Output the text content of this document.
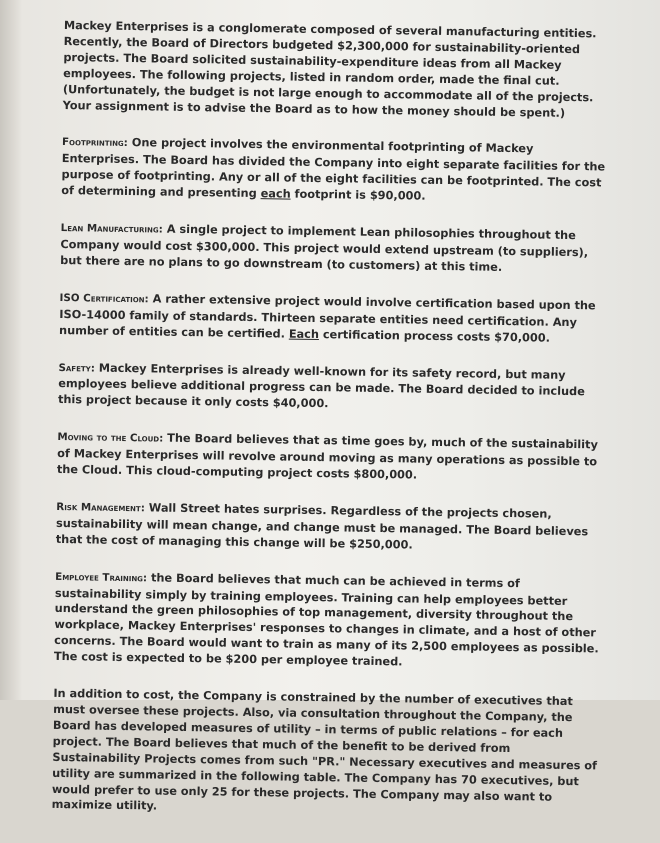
Mackey Enterprises is a conglomerate composed of several manufacturing entities. Recently, the Board of Directors budgeted $2,300,000 for sustainability-oriented projects. The Board solicited sustainability-expenditure ideas from all Mackey employees. The following projects, listed in random order, made the final cut. (Unfortunately, the budget is not large enough to accommodate all of the projects. Your assignment is to advise the Board as to how the money should be spent.)

Footprinting: One project involves the environmental footprinting of Mackey Enterprises. The Board has divided the Company into eight separate facilities for the purpose of footprinting. Any or all of the eight facilities can be footprinted. The cost of determining and presenting each footprint is $90,000.

Lean Manufacturing: A single project to implement Lean philosophies throughout the Company would cost $300,000. This project would extend upstream (to suppliers), but there are no plans to go downstream (to customers) at this time.

ISO Certification: A rather extensive project would involve certification based upon the ISO-14000 family of standards. Thirteen separate entities need certification. Any number of entities can be certified. Each certification process costs $70,000.

Safety: Mackey Enterprises is already well-known for its safety record, but many employees believe additional progress can be made. The Board decided to include this project because it only costs $40,000.

Moving to the Cloud: The Board believes that as time goes by, much of the sustainability of Mackey Enterprises will revolve around moving as many operations as possible to the Cloud. This cloud-computing project costs $800,000.

Risk Management: Wall Street hates surprises. Regardless of the projects chosen, sustainability will mean change, and change must be managed. The Board believes that the cost of managing this change will be $250,000.

Employee Training: the Board believes that much can be achieved in terms of sustainability simply by training employees. Training can help employees better understand the green philosophies of top management, diversity throughout the workplace, Mackey Enterprises' responses to changes in climate, and a host of other concerns. The Board would want to train as many of its 2,500 employees as possible. The cost is expected to be $200 per employee trained.

In addition to cost, the Company is constrained by the number of executives that must oversee these projects. Also, via consultation throughout the Company, the Board has developed measures of utility – in terms of public relations – for each project. The Board believes that much of the benefit to be derived from Sustainability Projects comes from such "PR." Necessary executives and measures of utility are summarized in the following table. The Company has 70 executives, but would prefer to use only 25 for these projects. The Company may also want to maximize utility.
